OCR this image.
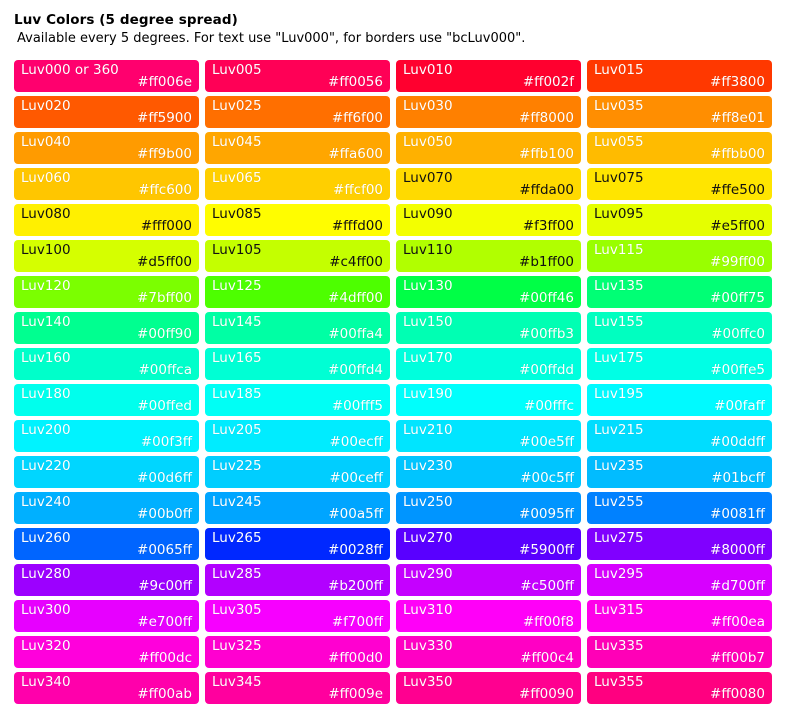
Luv Colors (5 degree spread)
Available every 5 degrees. For text use "Luv000", for borders use "bcLuv000".
Luv000 or 360
#ff006e
Luv005
#ff0056
Luv010
#ff002f
Luv015
#ff3800
Luv020
#ff5900
Luv025
#ff6f00
Luv030
#ff8000
Luv035
#ff8e01
Luv040
#ff9b00
Luv045
#ffa600
Luv050
#ffb100
Luv055
#ffbb00
Luv060
#ffc600
Luv065
#ffcf00
Luv070
#ffda00
Luv075
#ffe500
Luv080
#fff000
Luv085
#fffd00
Luv090
#f3ff00
Luv095
#e5ff00
Luv100
#d5ff00
Luv105
#c4ff00
Luv110
#b1ff00
Luv115
#99ff00
Luv120
#7bff00
Luv125
#4dff00
Luv130
#00ff46
Luv135
#00ff75
Luv140
#00ff90
Luv145
#00ffa4
Luv150
#00ffb3
Luv155
#00ffc0
Luv160
#00ffca
Luv165
#00ffd4
Luv170
#00ffdd
Luv175
#00ffe5
Luv180
#00ffed
Luv185
#00fff5
Luv190
#00fffc
Luv195
#00faff
Luv200
#00f3ff
Luv205
#00ecff
Luv210
#00e5ff
Luv215
#00ddff
Luv220
#00d6ff
Luv225
#00ceff
Luv230
#00c5ff
Luv235
#01bcff
Luv240
#00b0ff
Luv245
#00a5ff
Luv250
#0095ff
Luv255
#0081ff
Luv260
#0065ff
Luv265
#0028ff
Luv270
#5900ff
Luv275
#8000ff
Luv280
#9c00ff
Luv285
#b200ff
Luv290
#c500ff
Luv295
#d700ff
Luv300
#e700ff
Luv305
#f700ff
Luv310
#ff00f8
Luv315
#ff00ea
Luv320
#ff00dc
Luv325
#ff00d0
Luv330
#ff00c4
Luv335
#ff00b7
Luv340
#ff00ab
Luv345
#ff009e
Luv350
#ff0090
Luv355
#ff0080
